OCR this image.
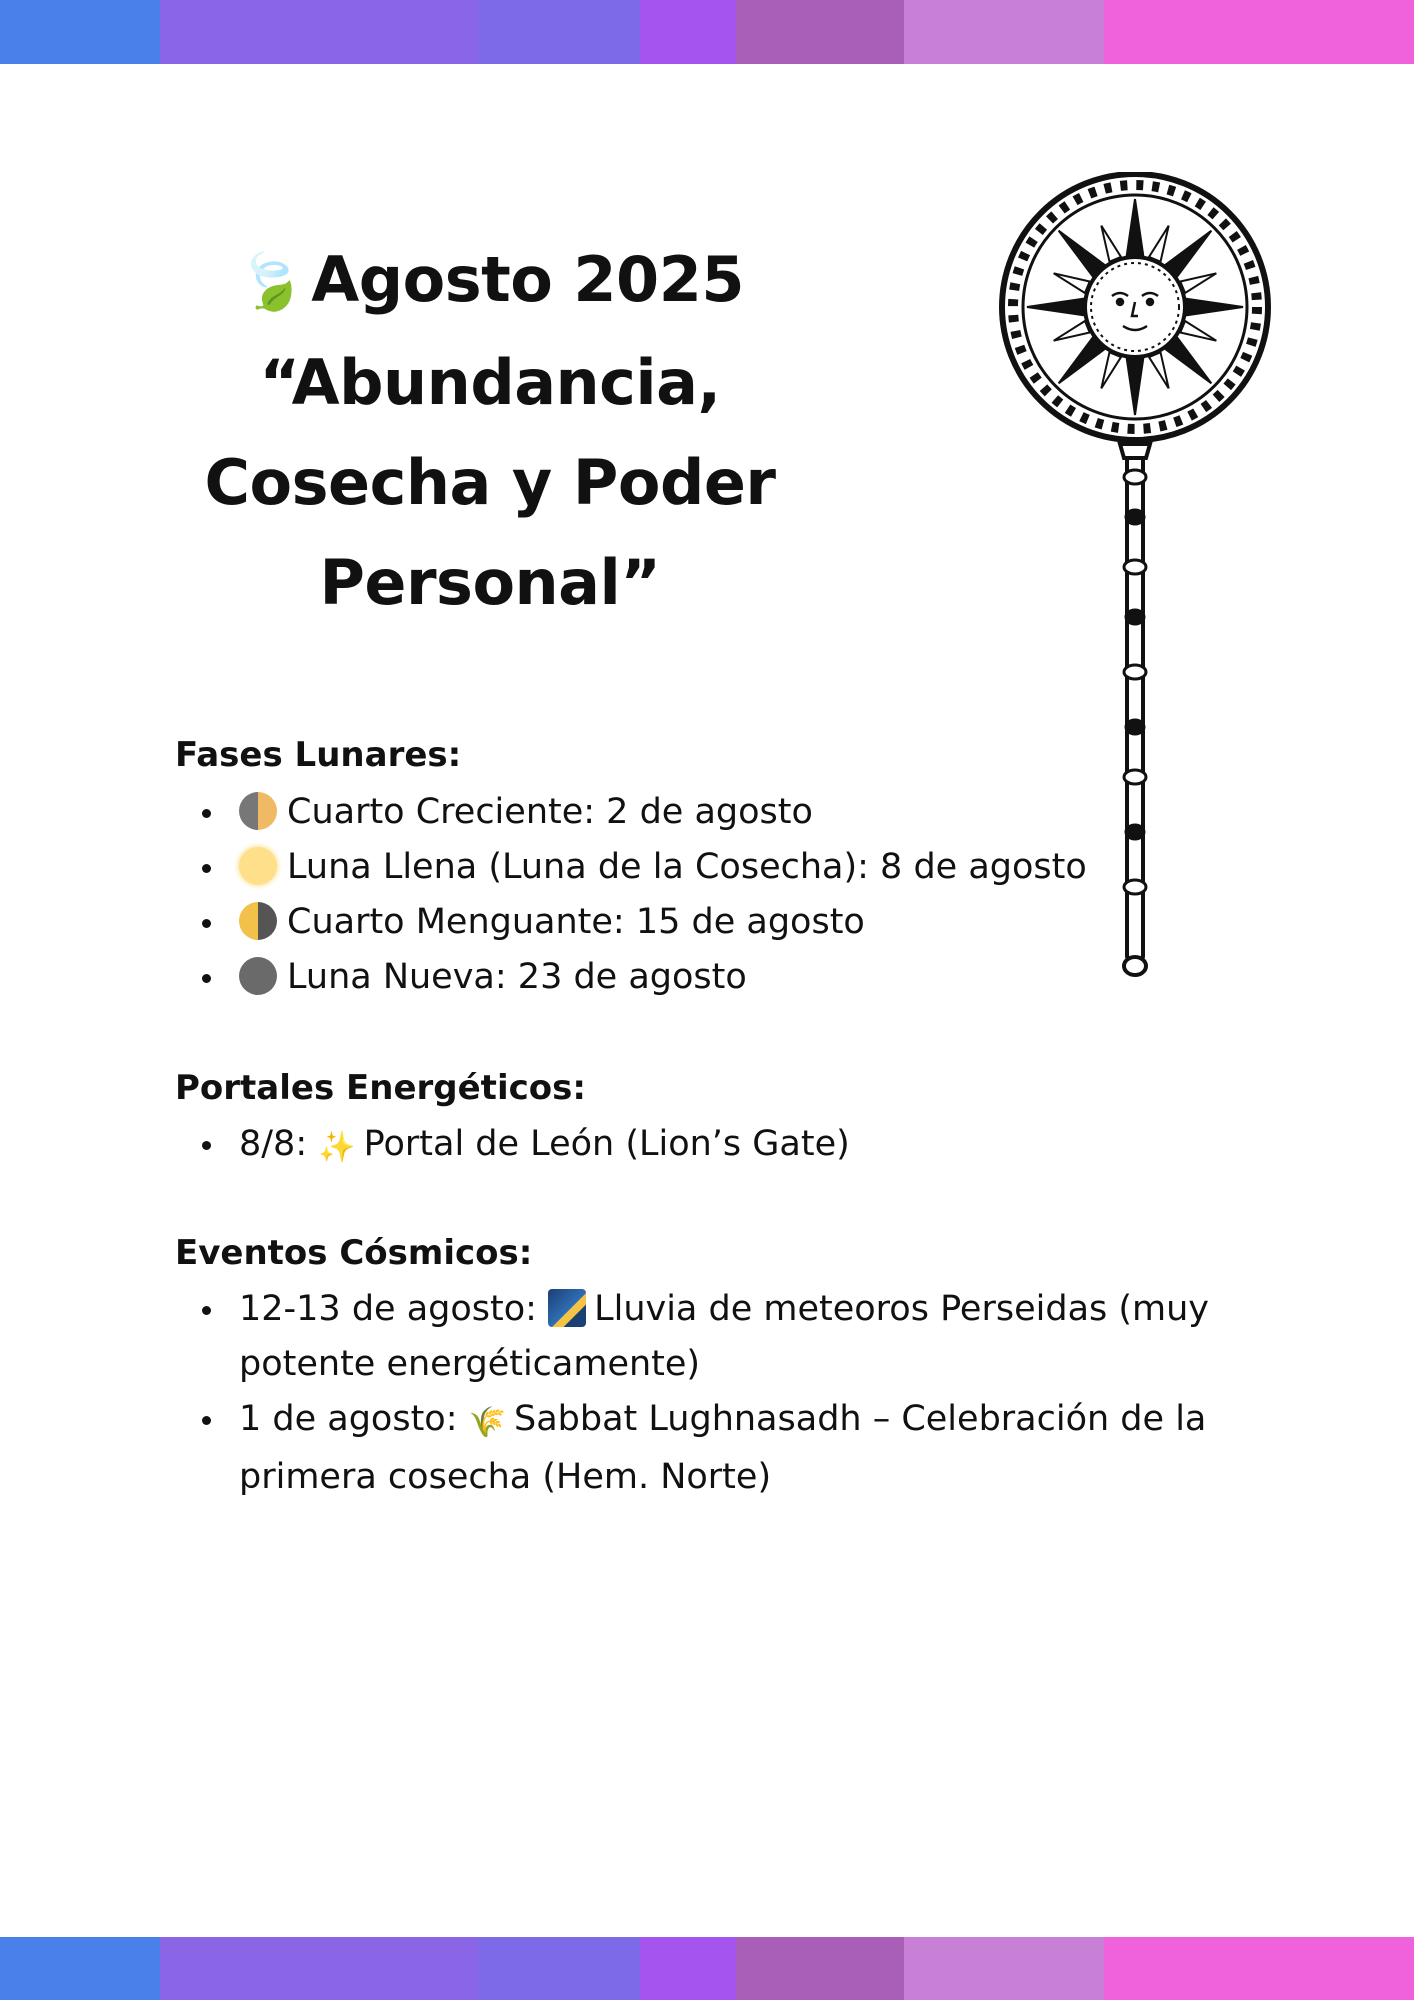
🍃Agosto 2025
“Abundancia,
Cosecha y Poder
Personal”
Fases Lunares:
Cuarto Creciente: 2 de agosto
Luna Llena (Luna de la Cosecha): 8 de agosto
Cuarto Menguante: 15 de agosto
Luna Nueva: 23 de agosto
Portales Energéticos:
8/8: ✨ Portal de León (Lion’s Gate)
Eventos Cósmicos:
12-13 de agosto: Lluvia de meteoros Perseidas (muy potente energéticamente)
1 de agosto: 🌾 Sabbat Lughnasadh – Celebración de la primera cosecha (Hem. Norte)
